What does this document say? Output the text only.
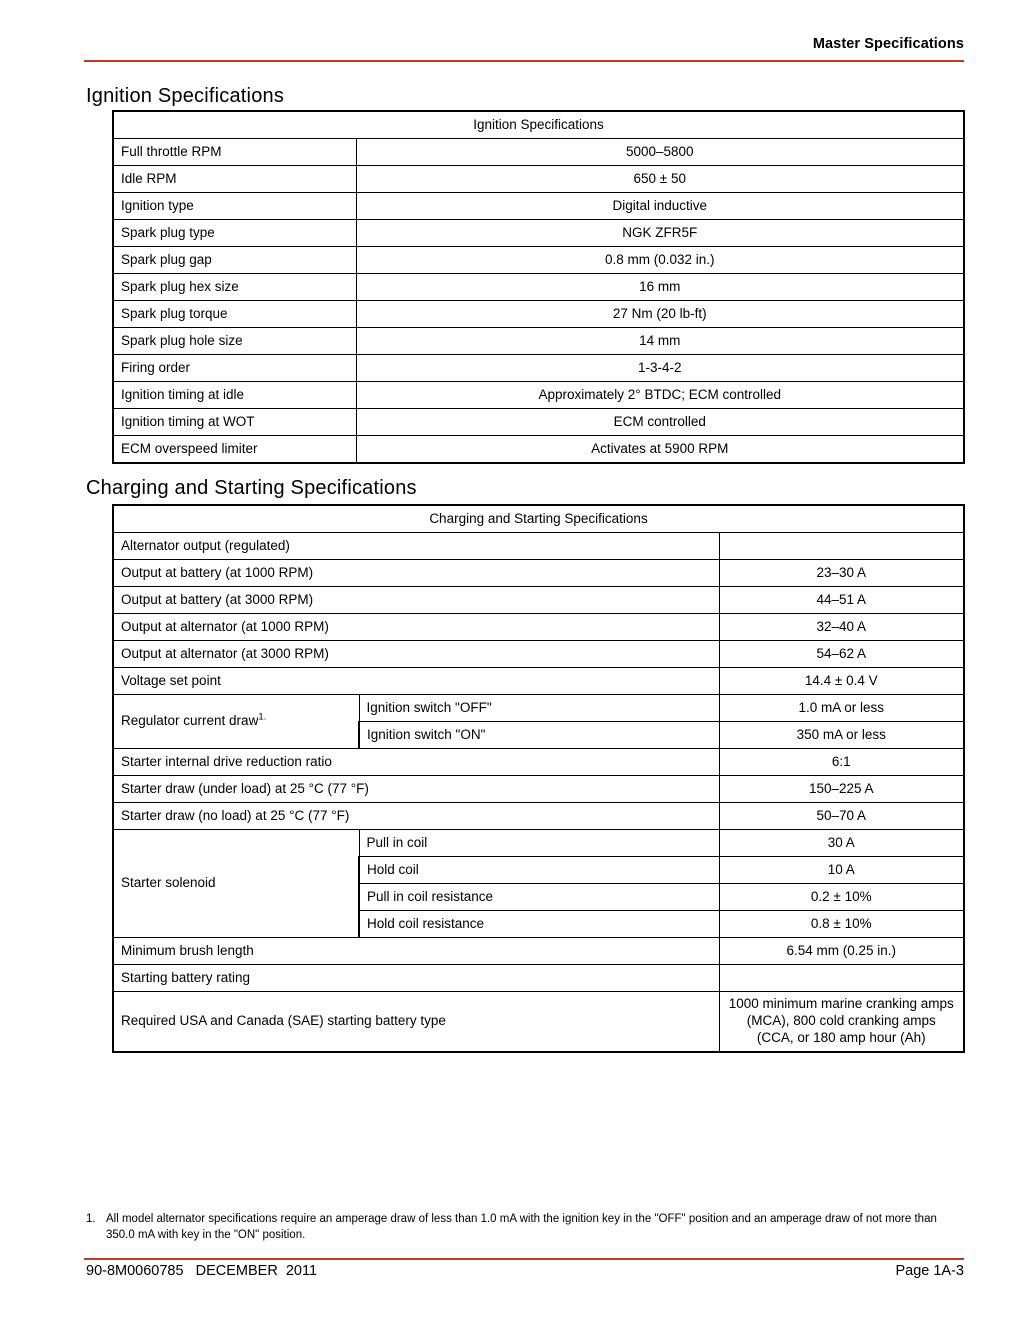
Master Specifications
Ignition Specifications
Ignition Specifications	
Full throttle RPM	5000–5800
Idle RPM	650 ± 50
Ignition type	Digital inductive
Spark plug type	NGK ZFR5F
Spark plug gap	0.8 mm (0.032 in.)
Spark plug hex size	16 mm
Spark plug torque	27 Nm (20 lb-ft)
Spark plug hole size	14 mm
Firing order	1-3-4-2
Ignition timing at idle	Approximately 2° BTDC; ECM controlled
Ignition timing at WOT	ECM controlled
ECM overspeed limiter	Activates at 5900 RPM
Charging and Starting Specifications
Charging and Starting Specifications		
Alternator output (regulated)		
Output at battery (at 1000 RPM)		23–30 A
Output at battery (at 3000 RPM)		44–51 A
Output at alternator (at 1000 RPM)		32–40 A
Output at alternator (at 3000 RPM)		54–62 A
Voltage set point		14.4 ± 0.4 V
Regulator current draw$^{1.}$	Ignition switch "OFF"	1.0 mA or less
	Ignition switch "ON"	350 mA or less
Starter internal drive reduction ratio		6:1
Starter draw (under load) at 25 °C (77 °F)		150–225 A
Starter draw (no load) at 25 °C (77 °F)		50–70 A
Starter solenoid	Pull in coil	30 A
	Hold coil	10 A
	Pull in coil resistance	0.2 ± 10%
	Hold coil resistance	0.8 ± 10%
Minimum brush length		6.54 mm (0.25 in.)
Starting battery rating		
Required USA and Canada (SAE) starting battery type		1000 minimum marine cranking amps (MCA), 800 cold cranking amps (CCA, or 180 amp hour (Ah)
1. All model alternator specifications require an amperage draw of less than 1.0 mA with the ignition key in the "OFF" position and an amperage draw of not more than 350.0 mA with key in the "ON" position.
90-8M0060785   DECEMBER  2011	Page 1A-3
